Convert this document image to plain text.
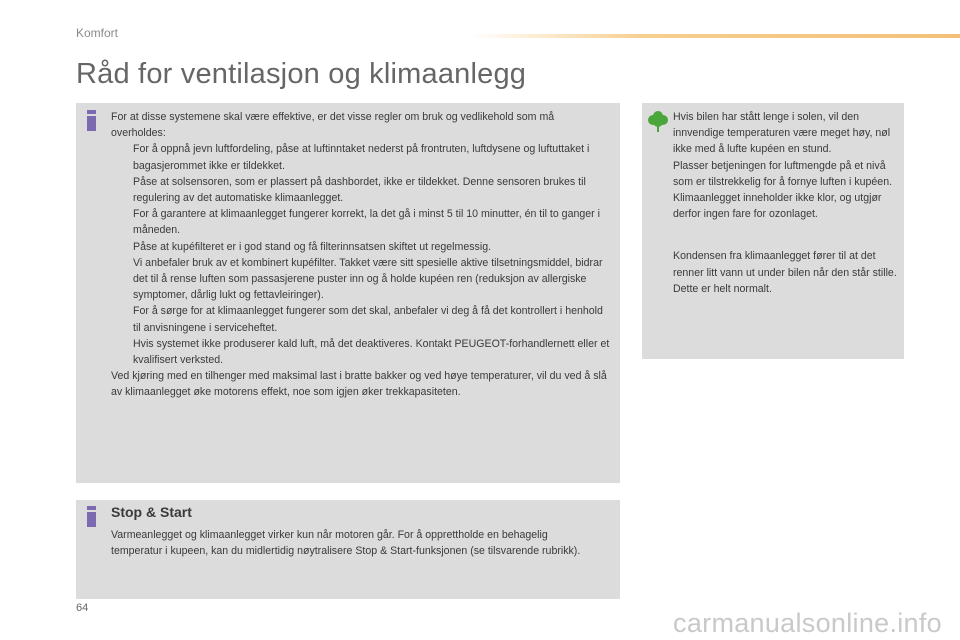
Komfort
Råd for ventilasjon og klimaanlegg

For at disse systemene skal være effektive, er det visse regler om bruk og vedlikehold som må overholdes:

For å oppnå jevn luftfordeling, påse at luftinntaket nederst på frontruten, luftdysene og luftuttaket i bagasjerommet ikke er tildekket.
Påse at solsensoren, som er plassert på dashbordet, ikke er tildekket. Denne sensoren brukes til regulering av det automatiske klimaanlegget.
For å garantere at klimaanlegget fungerer korrekt, la det gå i minst 5 til 10 minutter, én til to ganger i måneden.
Påse at kupéfilteret er i god stand og få filterinnsatsen skiftet ut regelmessig.
Vi anbefaler bruk av et kombinert kupéfilter. Takket være sitt spesielle aktive tilsetningsmiddel, bidrar det til å rense luften som passasjerene puster inn og å holde kupéen ren (reduksjon av allergiske symptomer, dårlig lukt og fettavleiringer).
For å sørge for at klimaanlegget fungerer som det skal, anbefaler vi deg å få det kontrollert i henhold til anvisningene i serviceheftet.
Hvis systemet ikke produserer kald luft, må det deaktiveres. Kontakt PEUGEOT-forhandlernett eller et kvalifisert verksted.

Ved kjøring med en tilhenger med maksimal last i bratte bakker og ved høye temperaturer, vil du ved å slå av klimaanlegget øke motorens effekt, noe som igjen øker trekkapasiteten.

Hvis bilen har stått lenge i solen, vil den innvendige temperaturen være meget høy, nøl ikke med å lufte kupéen en stund.

Plasser betjeningen for luftmengde på et nivå som er tilstrekkelig for å fornye luften i kupéen.

Klimaanlegget inneholder ikke klor, og utgjør derfor ingen fare for ozonlaget.

Kondensen fra klimaanlegget fører til at det renner litt vann ut under bilen når den står stille. Dette er helt normalt.

Stop & Start

Varmeanlegget og klimaanlegget virker kun når motoren går. For å opprettholde en behagelig temperatur i kupeen, kan du midlertidig nøytralisere Stop & Start-funksjonen (se tilsvarende rubrikk).

64	carmanualsonline.info
